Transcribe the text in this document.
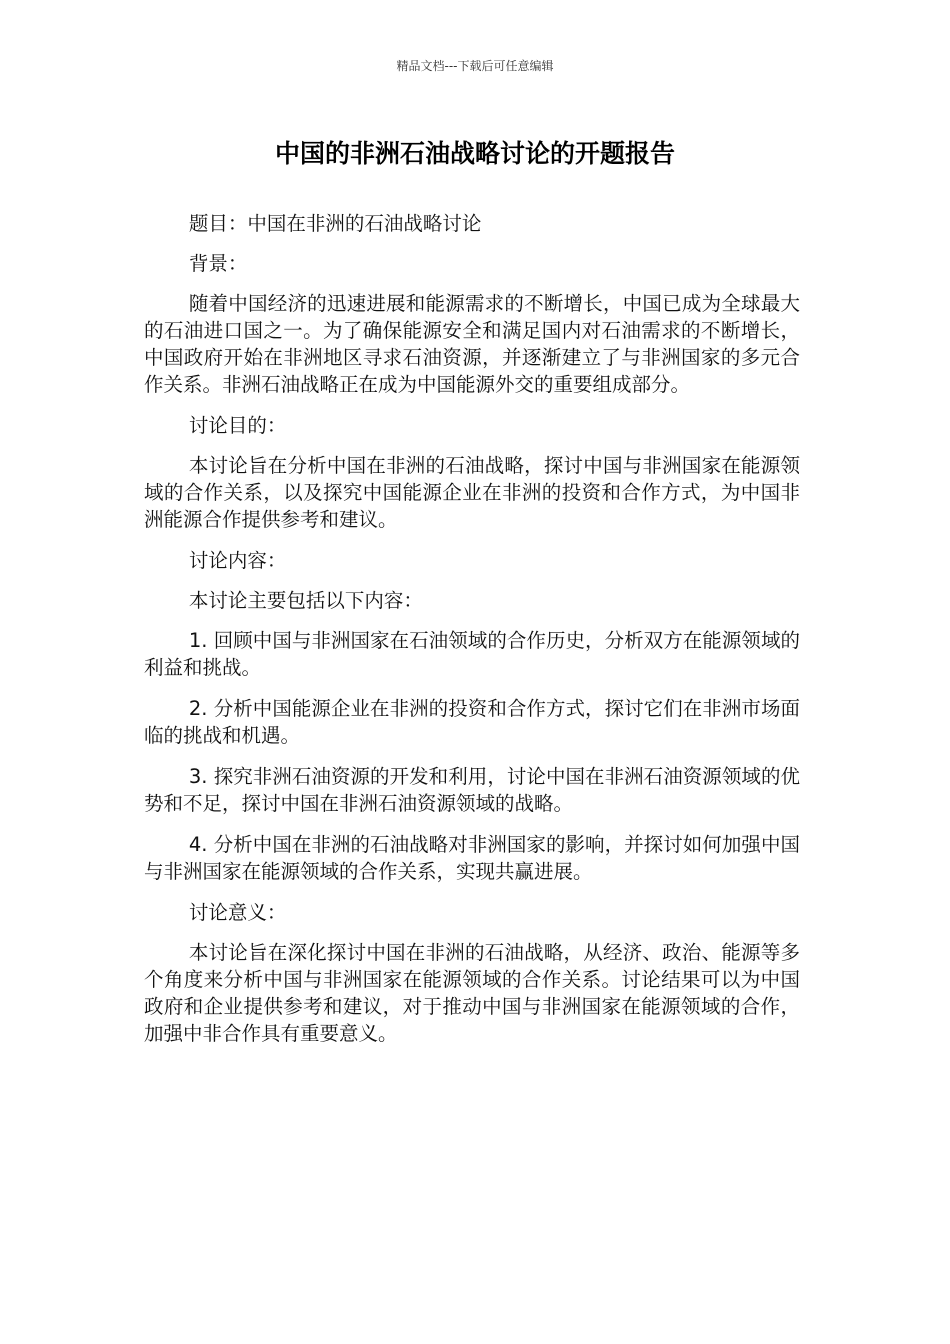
精品文档---下载后可任意编辑
中国的非洲石油战略讨论的开题报告

题目：中国在非洲的石油战略讨论

背景：

随着中国经济的迅速进展和能源需求的不断增长，中国已成为全球最大的石油进口国之一。为了确保能源安全和满足国内对石油需求的不断增长，中国政府开始在非洲地区寻求石油资源，并逐渐建立了与非洲国家的多元合作关系。非洲石油战略正在成为中国能源外交的重要组成部分。

讨论目的：

本讨论旨在分析中国在非洲的石油战略，探讨中国与非洲国家在能源领域的合作关系，以及探究中国能源企业在非洲的投资和合作方式，为中国非洲能源合作提供参考和建议。

讨论内容：

本讨论主要包括以下内容：

1. 回顾中国与非洲国家在石油领域的合作历史，分析双方在能源领域的利益和挑战。

2. 分析中国能源企业在非洲的投资和合作方式，探讨它们在非洲市场面临的挑战和机遇。

3. 探究非洲石油资源的开发和利用，讨论中国在非洲石油资源领域的优势和不足，探讨中国在非洲石油资源领域的战略。

4. 分析中国在非洲的石油战略对非洲国家的影响，并探讨如何加强中国与非洲国家在能源领域的合作关系，实现共赢进展。

讨论意义：

本讨论旨在深化探讨中国在非洲的石油战略，从经济、政治、能源等多个角度来分析中国与非洲国家在能源领域的合作关系。讨论结果可以为中国政府和企业提供参考和建议，对于推动中国与非洲国家在能源领域的合作，加强中非合作具有重要意义。
